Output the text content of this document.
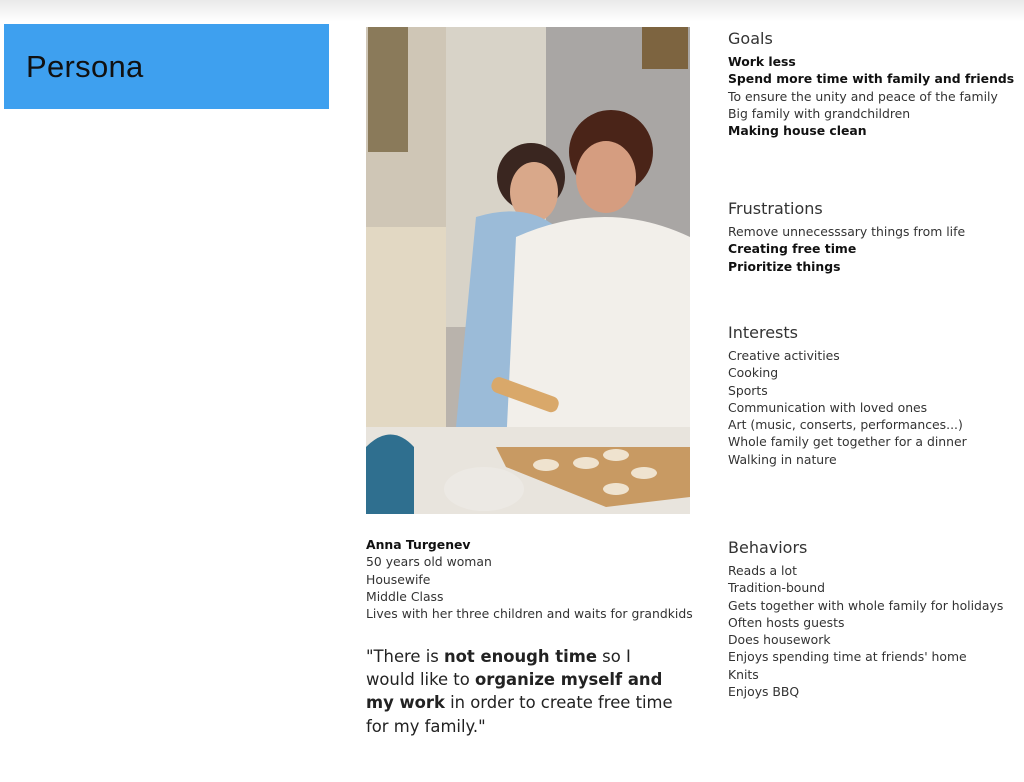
Persona
Goals
Work less
Spend more time with family and friends
To ensure the unity and peace of the family
Big family with grandchildren
Making house clean
Frustrations
Remove unnecesssary things from life
Creating free time
Prioritize things
Interests
Creative activities
Cooking
Sports
Communication with loved ones
Art (music, conserts, performances...)
Whole family get together for a dinner
Walking in nature
Behaviors
Reads a lot
Tradition-bound
Gets together with whole family for holidays
Often hosts guests
Does housework
Enjoys spending time at friends' home
Knits
Enjoys BBQ
Anna Turgenev
50 years old woman
Housewife
Middle Class
Lives with her three children and waits for grandkids
"There is not enough time so I would like to organize myself and my work in order to create free time for my family."
